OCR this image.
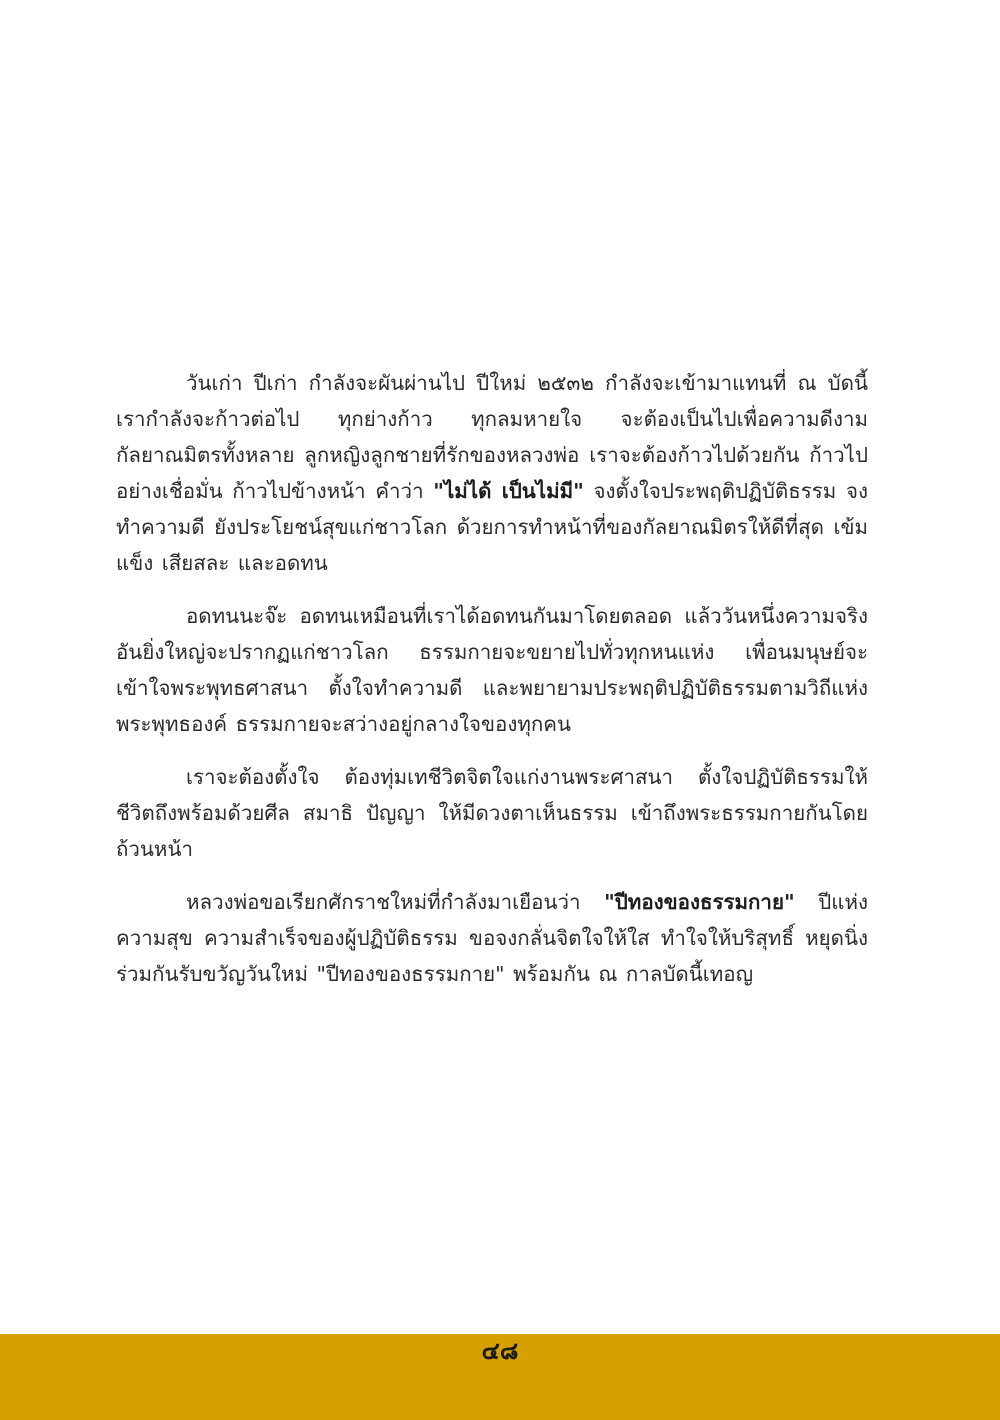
วันเก่า ปีเก่า กำลังจะผันผ่านไป ปีใหม่ ๒๕๓๒ กำลังจะเข้ามาแทนที่ ณ บัดนี้ เรากำลังจะก้าวต่อไป ทุกย่างก้าว ทุกลมหายใจ จะต้องเป็นไปเพื่อความดีงาม กัลยาณมิตรทั้งหลาย ลูกหญิงลูกชายที่รักของหลวงพ่อ เราจะต้องก้าวไปด้วยกัน ก้าวไปอย่างเชื่อมั่น ก้าวไปข้างหน้า คำว่า "ไม่ได้ เป็นไม่มี" จงตั้งใจประพฤติปฏิบัติธรรม จงทำความดี ยังประโยชน์สุขแก่ชาวโลก ด้วยการทำหน้าที่ของกัลยาณมิตรให้ดีที่สุด เข้มแข็ง เสียสละ และอดทน

อดทนนะจ๊ะ อดทนเหมือนที่เราได้อดทนกันมาโดยตลอด แล้ววันหนึ่งความจริงอันยิ่งใหญ่จะปรากฏแก่ชาวโลก ธรรมกายจะขยายไปทั่วทุกหนแห่ง เพื่อนมนุษย์จะเข้าใจพระพุทธศาสนา ตั้งใจทำความดี และพยายามประพฤติปฏิบัติธรรมตามวิถีแห่งพระพุทธองค์ ธรรมกายจะสว่างอยู่กลางใจของทุกคน

เราจะต้องตั้งใจ ต้องทุ่มเทชีวิตจิตใจแก่งานพระศาสนา ตั้งใจปฏิบัติธรรมให้ชีวิตถึงพร้อมด้วยศีล สมาธิ ปัญญา ให้มีดวงตาเห็นธรรม เข้าถึงพระธรรมกายกันโดยถ้วนหน้า

หลวงพ่อขอเรียกศักราชใหม่ที่กำลังมาเยือนว่า "ปีทองของธรรมกาย" ปีแห่งความสุข ความสำเร็จของผู้ปฏิบัติธรรม ขอจงกลั่นจิตใจให้ใส ทำใจให้บริสุทธิ์ หยุดนิ่ง ร่วมกันรับขวัญวันใหม่ "ปีทองของธรรมกาย" พร้อมกัน ณ กาลบัดนี้เทอญ

๔๘
